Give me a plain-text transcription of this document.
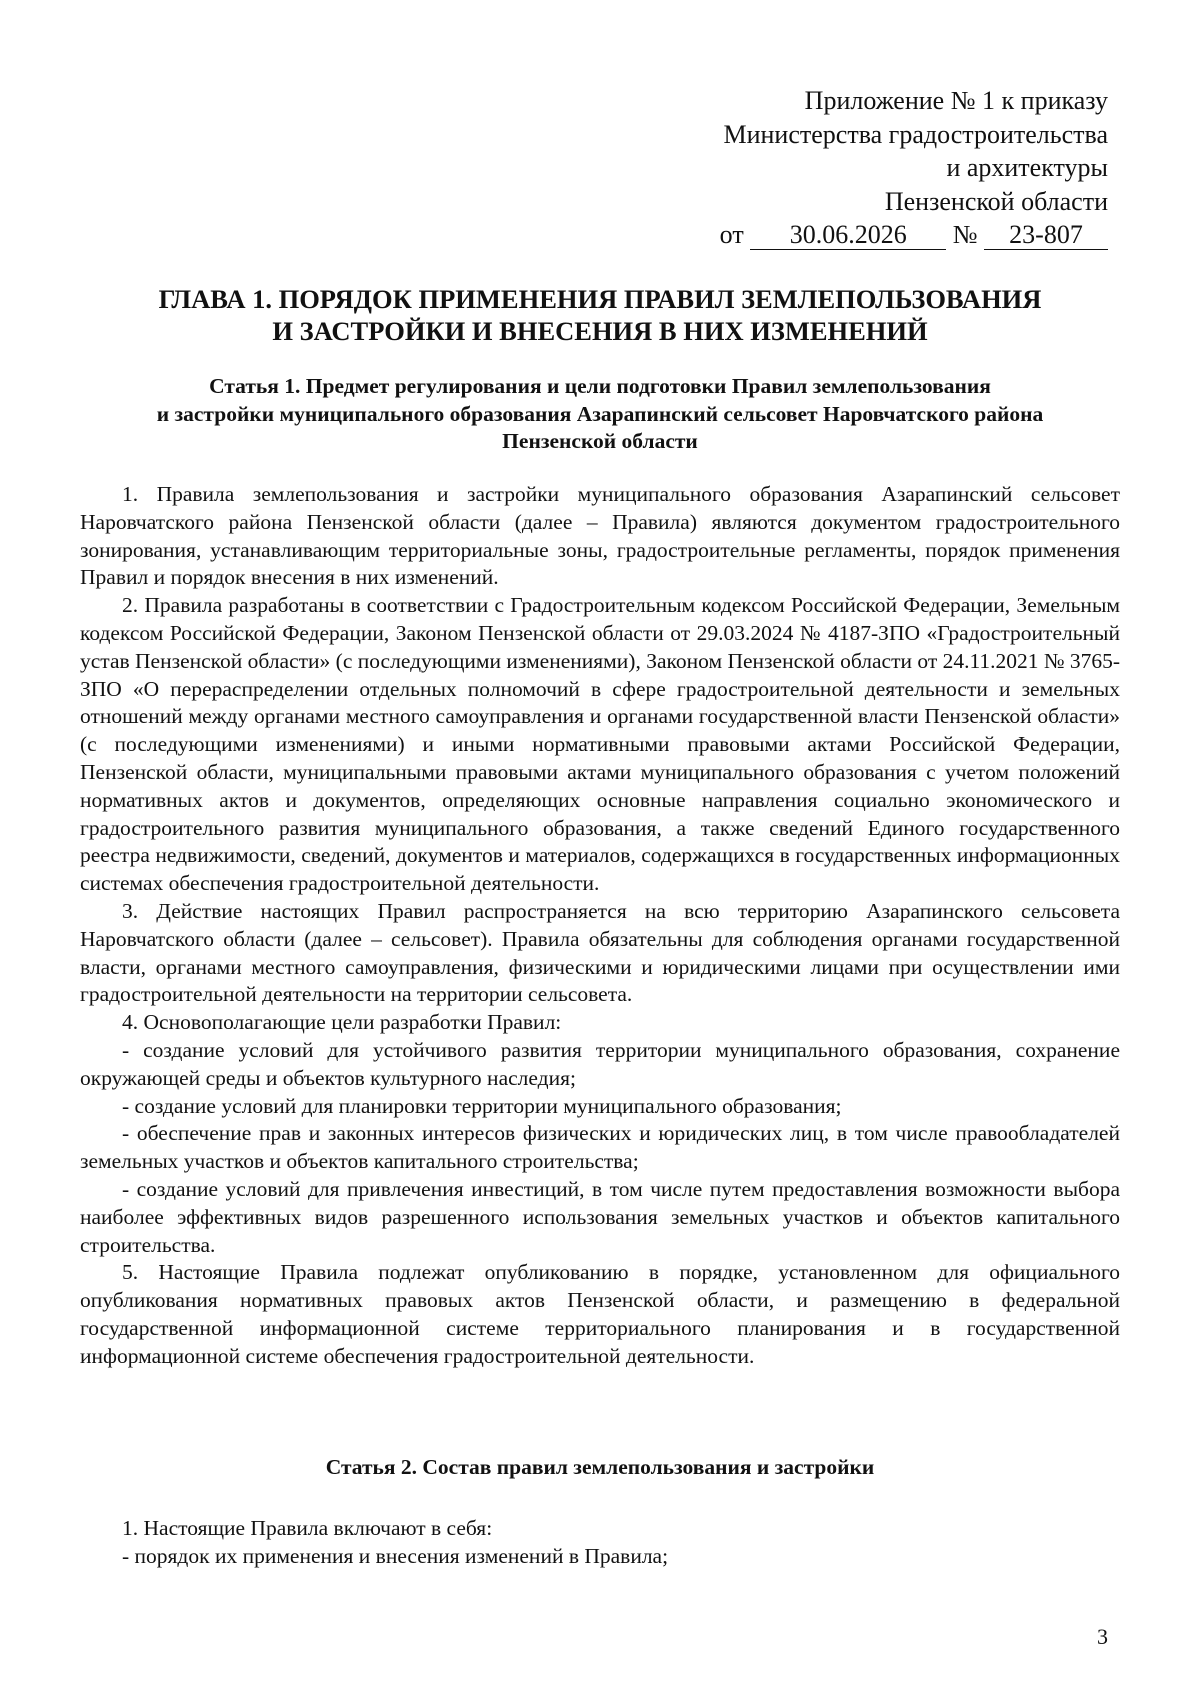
Приложение № 1 к приказу
Министерства градостроительства
и архитектуры
Пензенской области
от 30.06.2026 № 23-807
ГЛАВА 1. ПОРЯДОК ПРИМЕНЕНИЯ ПРАВИЛ ЗЕМЛЕПОЛЬЗОВАНИЯ
И ЗАСТРОЙКИ И ВНЕСЕНИЯ В НИХ ИЗМЕНЕНИЙ
Статья 1. Предмет регулирования и цели подготовки Правил землепользования
и застройки муниципального образования Азарапинский сельсовет Наровчатского района
Пензенской области

1. Правила землепользования и застройки муниципального образования Азарапинский сельсовет Наровчатского района Пензенской области (далее – Правила) являются документом градостроительного зонирования, устанавливающим территориальные зоны, градостроительные регламенты, порядок применения Правил и порядок внесения в них изменений.

2. Правила разработаны в соответствии с Градостроительным кодексом Российской Федерации, Земельным кодексом Российской Федерации, Законом Пензенской области от 29.03.2024 № 4187-ЗПО «Градостроительный устав Пензенской области» (с последующими изменениями), Законом Пензенской области от 24.11.2021 № 3765-ЗПО «О перераспределении отдельных полномочий в сфере градостроительной деятельности и земельных отношений между органами местного самоуправления и органами государственной власти Пензенской области» (с последующими изменениями) и иными нормативными правовыми актами Российской Федерации, Пензенской области, муниципальными правовыми актами муниципального образования с учетом положений нормативных актов и документов, определяющих основные направления социально экономического и градостроительного развития муниципального образования, а также сведений Единого государственного реестра недвижимости, сведений, документов и материалов, содержащихся в государственных информационных системах обеспечения градостроительной деятельности.

3. Действие настоящих Правил распространяется на всю территорию Азарапинского сельсовета Наровчатского области (далее – сельсовет). Правила обязательны для соблюдения органами государственной власти, органами местного самоуправления, физическими и юридическими лицами при осуществлении ими градостроительной деятельности на территории сельсовета.

4. Основополагающие цели разработки Правил:

- создание условий для устойчивого развития территории муниципального образования, сохранение окружающей среды и объектов культурного наследия;

- создание условий для планировки территории муниципального образования;

- обеспечение прав и законных интересов физических и юридических лиц, в том числе правообладателей земельных участков и объектов капитального строительства;

- создание условий для привлечения инвестиций, в том числе путем предоставления возможности выбора наиболее эффективных видов разрешенного использования земельных участков и объектов капитального строительства.

5. Настоящие Правила подлежат опубликованию в порядке, установленном для официального опубликования нормативных правовых актов Пензенской области, и размещению в федеральной государственной информационной системе территориального планирования и в государственной информационной системе обеспечения градостроительной деятельности.

Статья 2. Состав правил землепользования и застройки

1. Настоящие Правила включают в себя:

- порядок их применения и внесения изменений в Правила;

3
